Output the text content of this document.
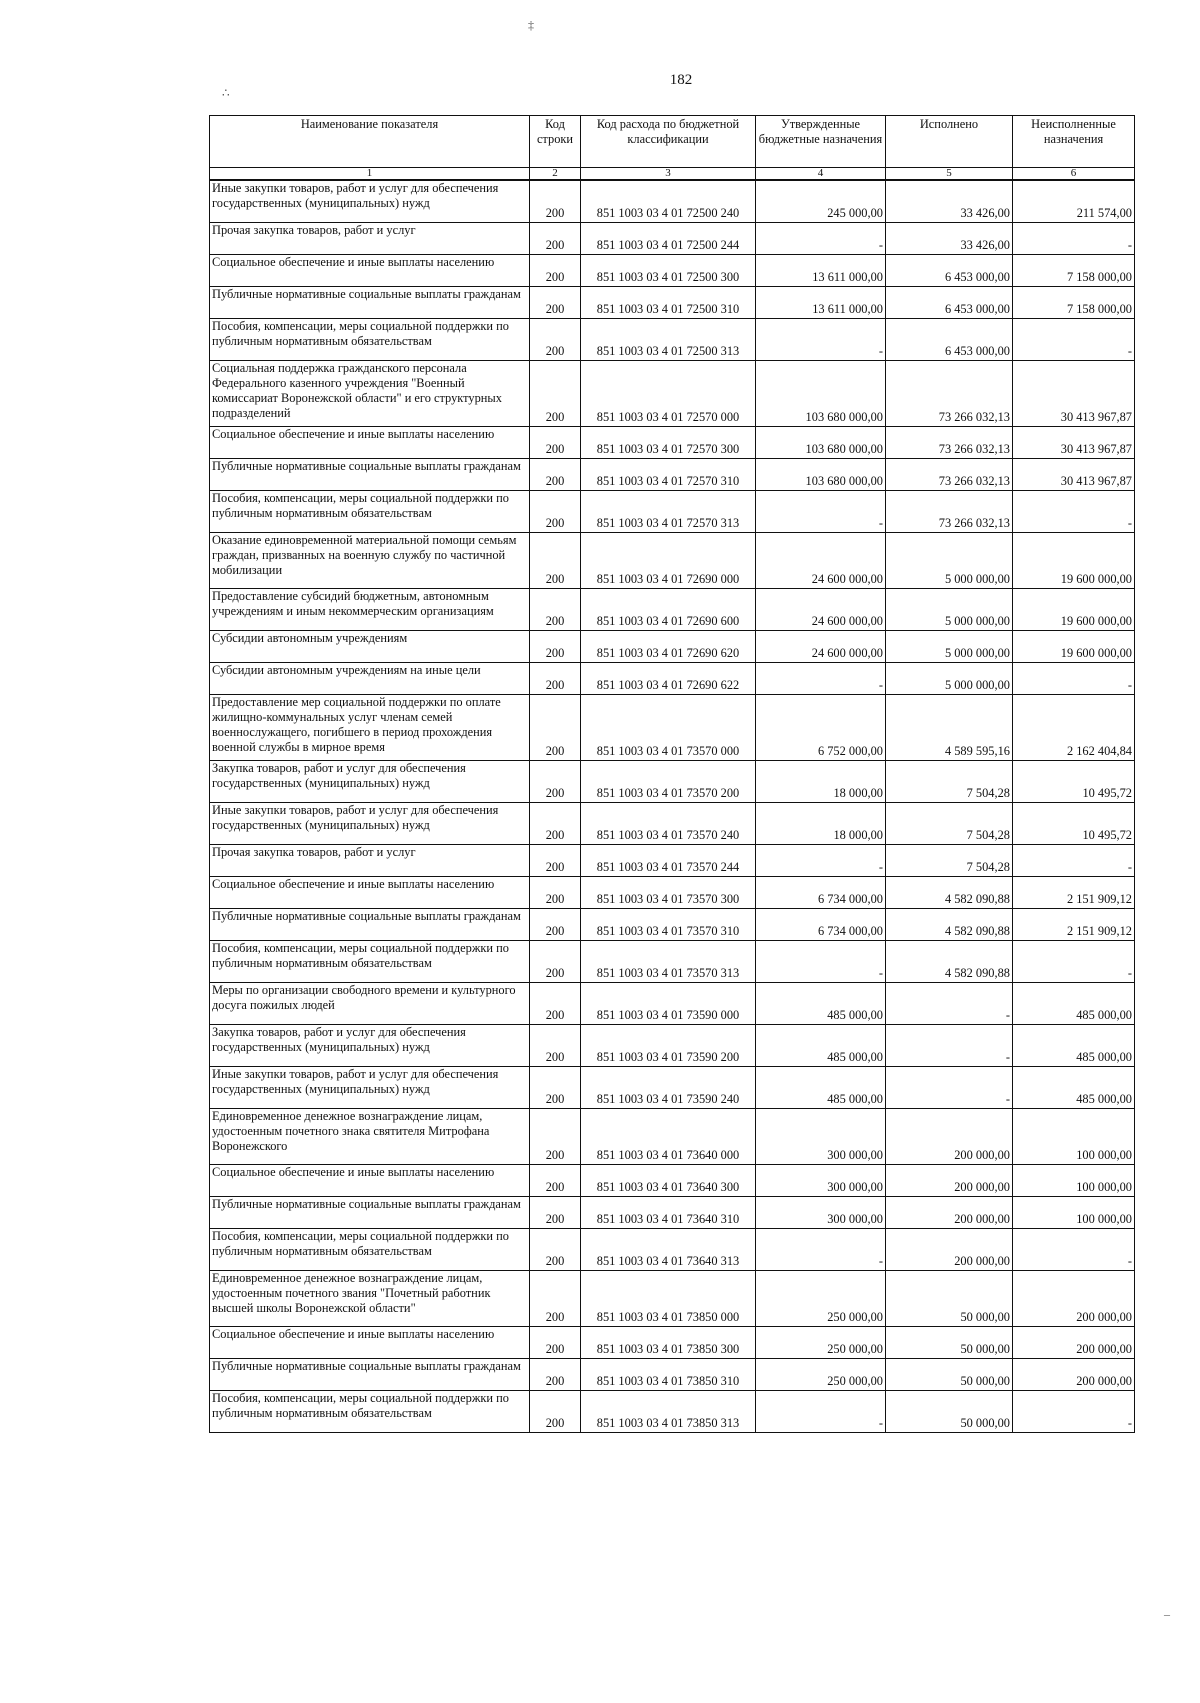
182
‡
∴
–
Наименование показателя	Код строки	Код расхода по бюджетной классификации	Утвержденные бюджетные назначения	Исполнено	Неисполненные назначения
1	2	3	4	5	6
Иные закупки товаров, работ и услуг для обеспечения государственных (муниципальных) нужд	200	851 1003 03 4 01 72500 240	245 000,00	33 426,00	211 574,00
Прочая закупка товаров, работ и услуг	200	851 1003 03 4 01 72500 244	-	33 426,00	-
Социальное обеспечение и иные выплаты населению	200	851 1003 03 4 01 72500 300	13 611 000,00	6 453 000,00	7 158 000,00
Публичные нормативные социальные выплаты гражданам	200	851 1003 03 4 01 72500 310	13 611 000,00	6 453 000,00	7 158 000,00
Пособия, компенсации, меры социальной поддержки по публичным нормативным обязательствам	200	851 1003 03 4 01 72500 313	-	6 453 000,00	-
Социальная поддержка гражданского персонала Федерального казенного учреждения "Военный комиссариат Воронежской области" и его структурных подразделений	200	851 1003 03 4 01 72570 000	103 680 000,00	73 266 032,13	30 413 967,87
Социальное обеспечение и иные выплаты населению	200	851 1003 03 4 01 72570 300	103 680 000,00	73 266 032,13	30 413 967,87
Публичные нормативные социальные выплаты гражданам	200	851 1003 03 4 01 72570 310	103 680 000,00	73 266 032,13	30 413 967,87
Пособия, компенсации, меры социальной поддержки по публичным нормативным обязательствам	200	851 1003 03 4 01 72570 313	-	73 266 032,13	-
Оказание единовременной материальной помощи семьям граждан, призванных на военную службу по частичной мобилизации	200	851 1003 03 4 01 72690 000	24 600 000,00	5 000 000,00	19 600 000,00
Предоставление субсидий бюджетным, автономным учреждениям и иным некоммерческим организациям	200	851 1003 03 4 01 72690 600	24 600 000,00	5 000 000,00	19 600 000,00
Субсидии автономным учреждениям	200	851 1003 03 4 01 72690 620	24 600 000,00	5 000 000,00	19 600 000,00
Субсидии автономным учреждениям на иные цели	200	851 1003 03 4 01 72690 622	-	5 000 000,00	-
Предоставление мер социальной поддержки по оплате жилищно-коммунальных услуг членам семей военнослужащего, погибшего в период прохождения военной службы в мирное время	200	851 1003 03 4 01 73570 000	6 752 000,00	4 589 595,16	2 162 404,84
Закупка товаров, работ и услуг для обеспечения государственных (муниципальных) нужд	200	851 1003 03 4 01 73570 200	18 000,00	7 504,28	10 495,72
Иные закупки товаров, работ и услуг для обеспечения государственных (муниципальных) нужд	200	851 1003 03 4 01 73570 240	18 000,00	7 504,28	10 495,72
Прочая закупка товаров, работ и услуг	200	851 1003 03 4 01 73570 244	-	7 504,28	-
Социальное обеспечение и иные выплаты населению	200	851 1003 03 4 01 73570 300	6 734 000,00	4 582 090,88	2 151 909,12
Публичные нормативные социальные выплаты гражданам	200	851 1003 03 4 01 73570 310	6 734 000,00	4 582 090,88	2 151 909,12
Пособия, компенсации, меры социальной поддержки по публичным нормативным обязательствам	200	851 1003 03 4 01 73570 313	-	4 582 090,88	-
Меры по организации свободного времени и культурного досуга пожилых людей	200	851 1003 03 4 01 73590 000	485 000,00	-	485 000,00
Закупка товаров, работ и услуг для обеспечения государственных (муниципальных) нужд	200	851 1003 03 4 01 73590 200	485 000,00	-	485 000,00
Иные закупки товаров, работ и услуг для обеспечения государственных (муниципальных) нужд	200	851 1003 03 4 01 73590 240	485 000,00	-	485 000,00
Единовременное денежное вознаграждение лицам, удостоенным почетного знака святителя Митрофана Воронежского	200	851 1003 03 4 01 73640 000	300 000,00	200 000,00	100 000,00
Социальное обеспечение и иные выплаты населению	200	851 1003 03 4 01 73640 300	300 000,00	200 000,00	100 000,00
Публичные нормативные социальные выплаты гражданам	200	851 1003 03 4 01 73640 310	300 000,00	200 000,00	100 000,00
Пособия, компенсации, меры социальной поддержки по публичным нормативным обязательствам	200	851 1003 03 4 01 73640 313	-	200 000,00	-
Единовременное денежное вознаграждение лицам, удостоенным почетного звания "Почетный работник высшей школы Воронежской области"	200	851 1003 03 4 01 73850 000	250 000,00	50 000,00	200 000,00
Социальное обеспечение и иные выплаты населению	200	851 1003 03 4 01 73850 300	250 000,00	50 000,00	200 000,00
Публичные нормативные социальные выплаты гражданам	200	851 1003 03 4 01 73850 310	250 000,00	50 000,00	200 000,00
Пособия, компенсации, меры социальной поддержки по публичным нормативным обязательствам	200	851 1003 03 4 01 73850 313	-	50 000,00	-
